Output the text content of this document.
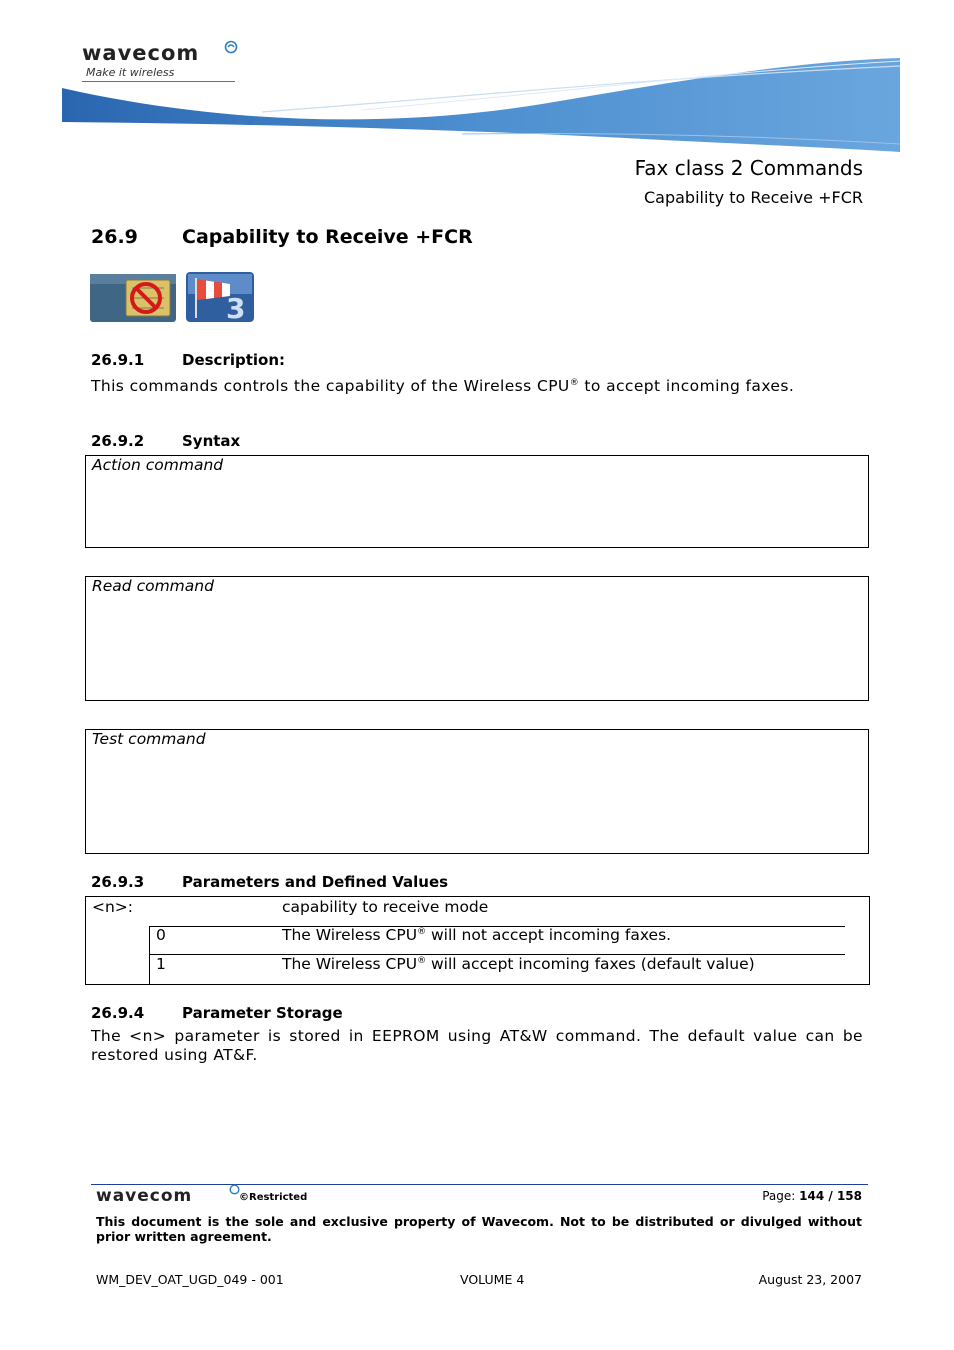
wavecom
Make it wireless
Fax class 2 Commands
Capability to Receive +FCR
26.9 Capability to Receive +FCR
3
26.9.1	Description:
This commands controls the capability of the Wireless CPU® to accept incoming faxes.
26.9.2	Syntax
Action command
Read command
Test command
26.9.3	Parameters and Defined Values
<n>:	capability to receive mode
0	The Wireless CPU® will not accept incoming faxes.
1	The Wireless CPU® will accept incoming faxes (default value)
26.9.4	Parameter Storage
The <n> parameter is stored in EEPROM using AT&W command. The default value can be restored using AT&F.
wavecom	©Restricted	Page: 144 / 158
This document is the sole and exclusive property of Wavecom. Not to be distributed or divulged without prior written agreement.
WM_DEV_OAT_UGD_049 - 001	VOLUME 4	August 23, 2007
